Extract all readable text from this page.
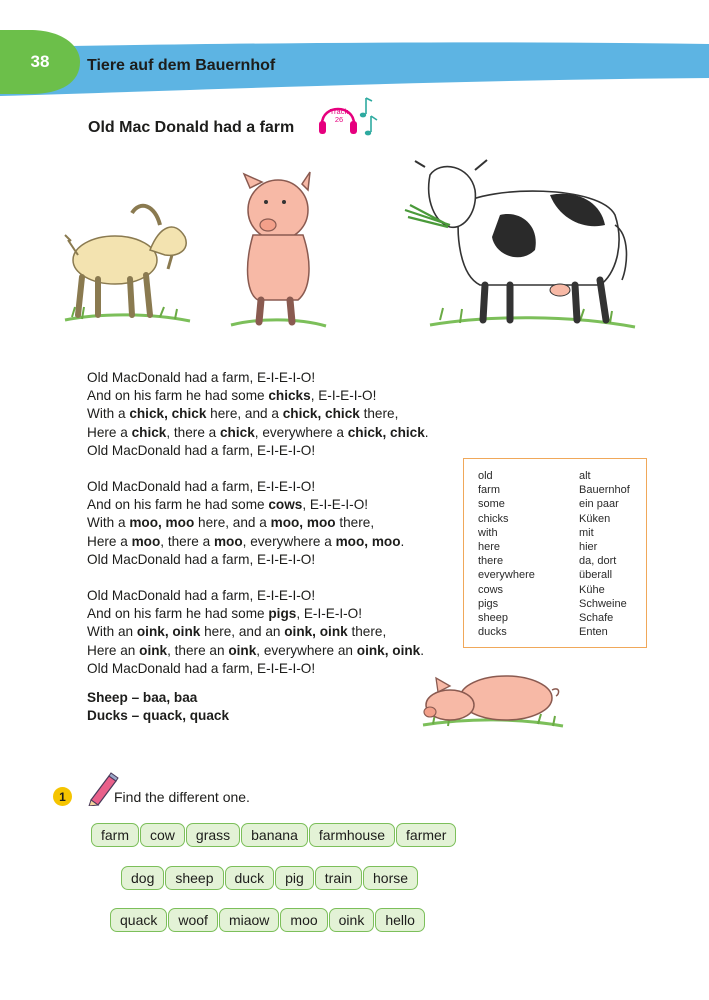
38	Tiere auf dem Bauernhof
Old Mac Donald had a farm
Track
26
Old MacDonald had a farm, E-I-E-I-O!
And on his farm he had some chicks, E-I-E-I-O!
With a chick, chick here, and a chick, chick there,
Here a chick, there a chick, everywhere a chick, chick.
Old MacDonald had a farm, E-I-E-I-O!
Old MacDonald had a farm, E-I-E-I-O!
And on his farm he had some cows, E-I-E-I-O!
With a moo, moo here, and a moo, moo there,
Here a moo, there a moo, everywhere a moo, moo.
Old MacDonald had a farm, E-I-E-I-O!
Old MacDonald had a farm, E-I-E-I-O!
And on his farm he had some pigs, E-I-E-I-O!
With an oink, oink here, and an oink, oink there,
Here an oink, there an oink, everywhere an oink, oink.
Old MacDonald had a farm, E-I-E-I-O!
Sheep – baa, baa
Ducks – quack, quack
old	alt
farm	Bauernhof
some	ein paar
chicks	Küken
with	mit
here	hier
there	da, dort
everywhere	überall
cows	Kühe
pigs	Schweine
sheep	Schafe
ducks	Enten
1	Find the different one.
farm	cow	grass	banana	farmhouse	farmer
dog	sheep	duck	pig	train	horse
quack	woof	miaow	moo	oink	hello
